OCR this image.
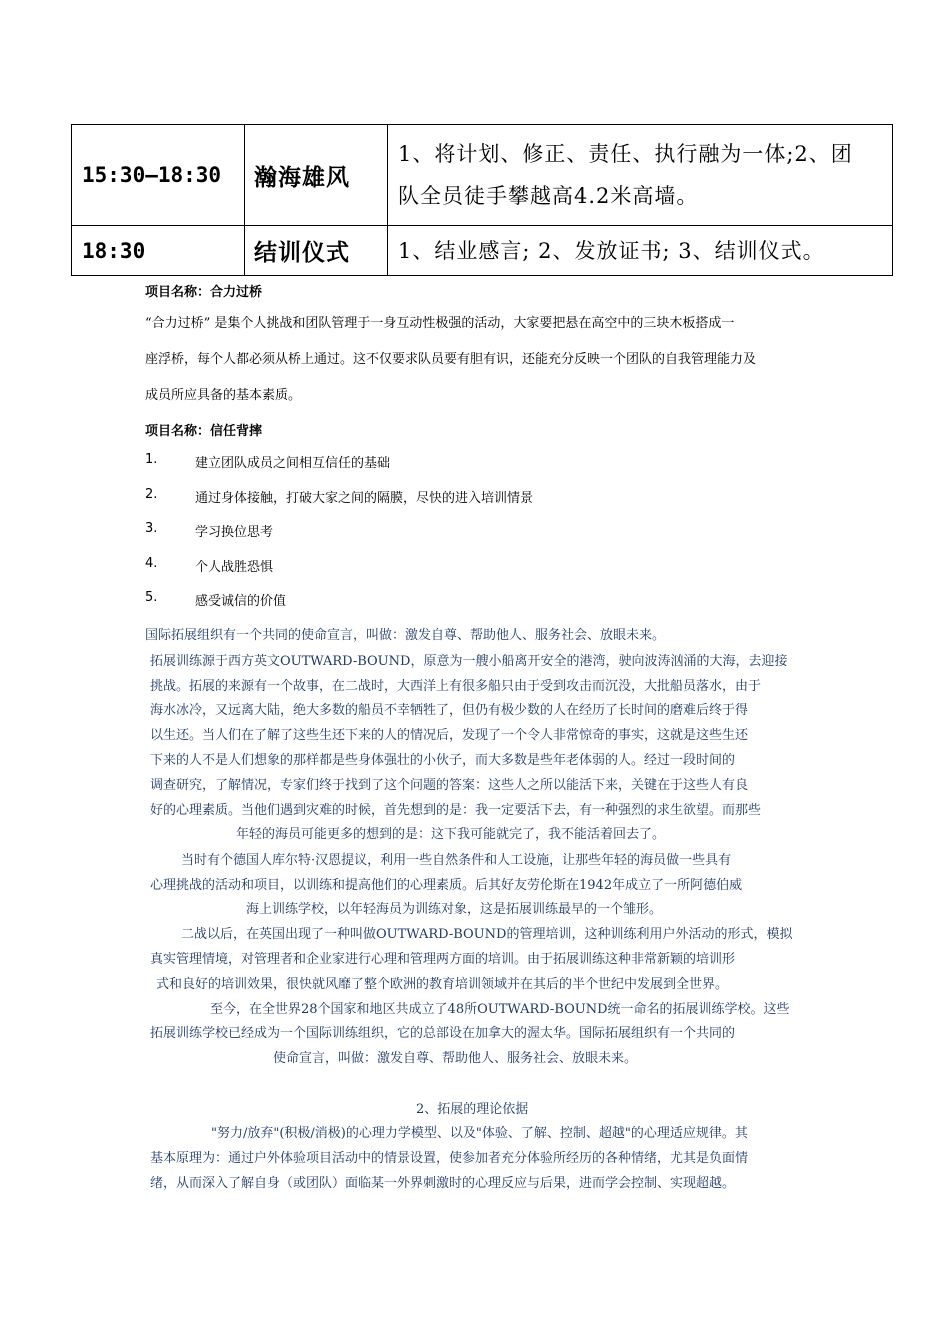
15:30—18:30	瀚海雄风	1、将计划、修正、责任、执行融为一体;2、团
队全员徒手攀越高4.2米高墙。
18:30	结训仪式	1、结业感言; 2、发放证书; 3、结训仪式。
项目名称：合力过桥
“合力过桥” 是集个人挑战和团队管理于一身互动性极强的活动，大家要把悬在高空中的三块木板搭成一
座浮桥，每个人都必须从桥上通过。这不仅要求队员要有胆有识，还能充分反映一个团队的自我管理能力及
成员所应具备的基本素质。
项目名称：信任背摔
1.	建立团队成员之间相互信任的基础
2.	通过身体接触，打破大家之间的隔膜，尽快的进入培训情景
3.	学习换位思考
4.	个人战胜恐惧
5.	感受诚信的价值
国际拓展组织有一个共同的使命宣言，叫做：激发自尊、帮助他人、服务社会、放眼未来。
拓展训练源于西方英文OUTWARD-BOUND，原意为一艘小船离开安全的港湾，驶向波涛汹涌的大海，去迎接
挑战。拓展的来源有一个故事，在二战时，大西洋上有很多船只由于受到攻击而沉没，大批船员落水，由于
海水冰冷，又远离大陆，绝大多数的船员不幸牺牲了，但仍有极少数的人在经历了长时间的磨难后终于得
以生还。当人们在了解了这些生还下来的人的情况后，发现了一个令人非常惊奇的事实，这就是这些生还
下来的人不是人们想象的那样都是些身体强壮的小伙子，而大多数是些年老体弱的人。经过一段时间的
调查研究，了解情况，专家们终于找到了这个问题的答案：这些人之所以能活下来，关键在于这些人有良
好的心理素质。当他们遇到灾难的时候，首先想到的是：我一定要活下去，有一种强烈的求生欲望。而那些
年轻的海员可能更多的想到的是：这下我可能就完了，我不能活着回去了。
当时有个德国人库尔特·汉恩提议，利用一些自然条件和人工设施，让那些年轻的海员做一些具有
心理挑战的活动和项目，以训练和提高他们的心理素质。后其好友劳伦斯在1942年成立了一所阿德伯威
海上训练学校，以年轻海员为训练对象，这是拓展训练最早的一个雏形。
二战以后，在英国出现了一种叫做OUTWARD-BOUND的管理培训，这种训练利用户外活动的形式，模拟
真实管理情境，对管理者和企业家进行心理和管理两方面的培训。由于拓展训练这种非常新颖的培训形
式和良好的培训效果，很快就风靡了整个欧洲的教育培训领域并在其后的半个世纪中发展到全世界。
至今，在全世界28个国家和地区共成立了48所OUTWARD-BOUND统一命名的拓展训练学校。这些
拓展训练学校已经成为一个国际训练组织，它的总部设在加拿大的渥太华。国际拓展组织有一个共同的
使命宣言，叫做：激发自尊、帮助他人、服务社会、放眼未来。
2、拓展的理论依据
"努力/放弃"(积极/消极)的心理力学模型、以及"体验、了解、控制、超越"的心理适应规律。其
基本原理为：通过户外体验项目活动中的情景设置，使参加者充分体验所经历的各种情绪，尤其是负面情
绪，从而深入了解自身（或团队）面临某一外界刺激时的心理反应与后果，进而学会控制、实现超越。
